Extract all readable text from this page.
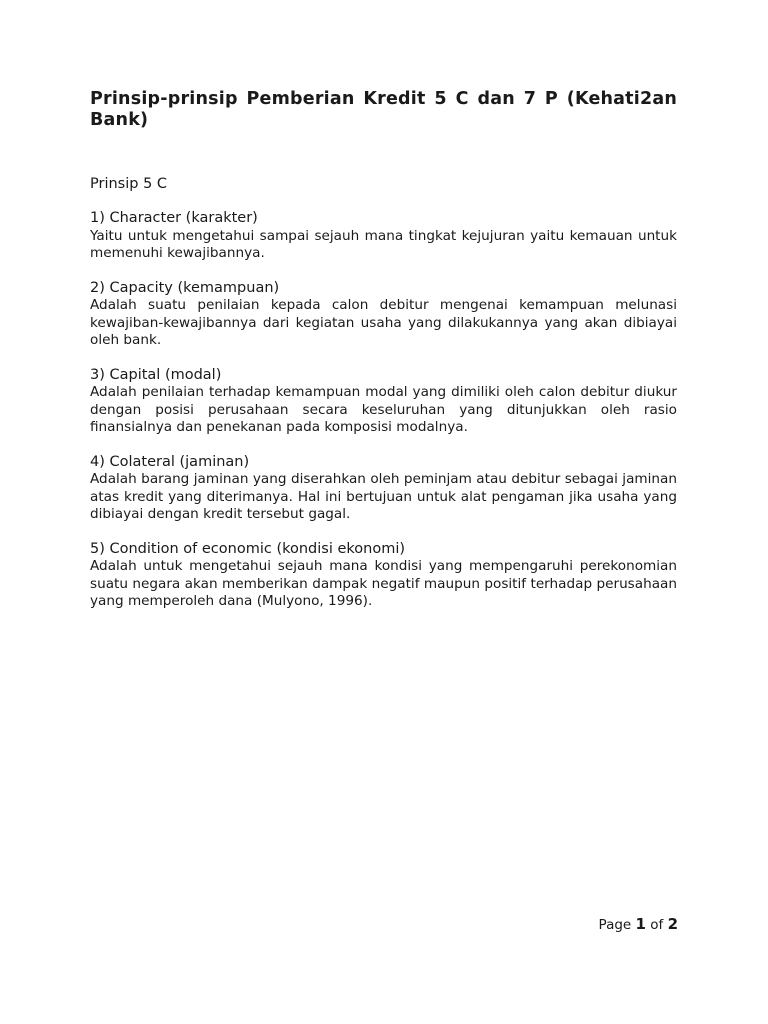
Prinsip-prinsip Pemberian Kredit 5 C dan 7 P (Kehati2an Bank)

Prinsip 5 C

1) Character (karakter)

Yaitu untuk mengetahui sampai sejauh mana tingkat kejujuran yaitu kemauan untuk memenuhi kewajibannya.

2) Capacity (kemampuan)

Adalah suatu penilaian kepada calon debitur mengenai kemampuan melunasi kewajiban-kewajibannya dari kegiatan usaha yang dilakukannya yang akan dibiayai oleh bank.

3) Capital (modal)

Adalah penilaian terhadap kemampuan modal yang dimiliki oleh calon debitur diukur dengan posisi perusahaan secara keseluruhan yang ditunjukkan oleh rasio finansialnya dan penekanan pada komposisi modalnya.

4) Colateral (jaminan)

Adalah barang jaminan yang diserahkan oleh peminjam atau debitur sebagai jaminan atas kredit yang diterimanya. Hal ini bertujuan untuk alat pengaman jika usaha yang dibiayai dengan kredit tersebut gagal.

5) Condition of economic (kondisi ekonomi)

Adalah untuk mengetahui sejauh mana kondisi yang mempengaruhi perekonomian suatu negara akan memberikan dampak negatif maupun positif terhadap perusahaan yang memperoleh dana (Mulyono, 1996).

Page 1 of 2
